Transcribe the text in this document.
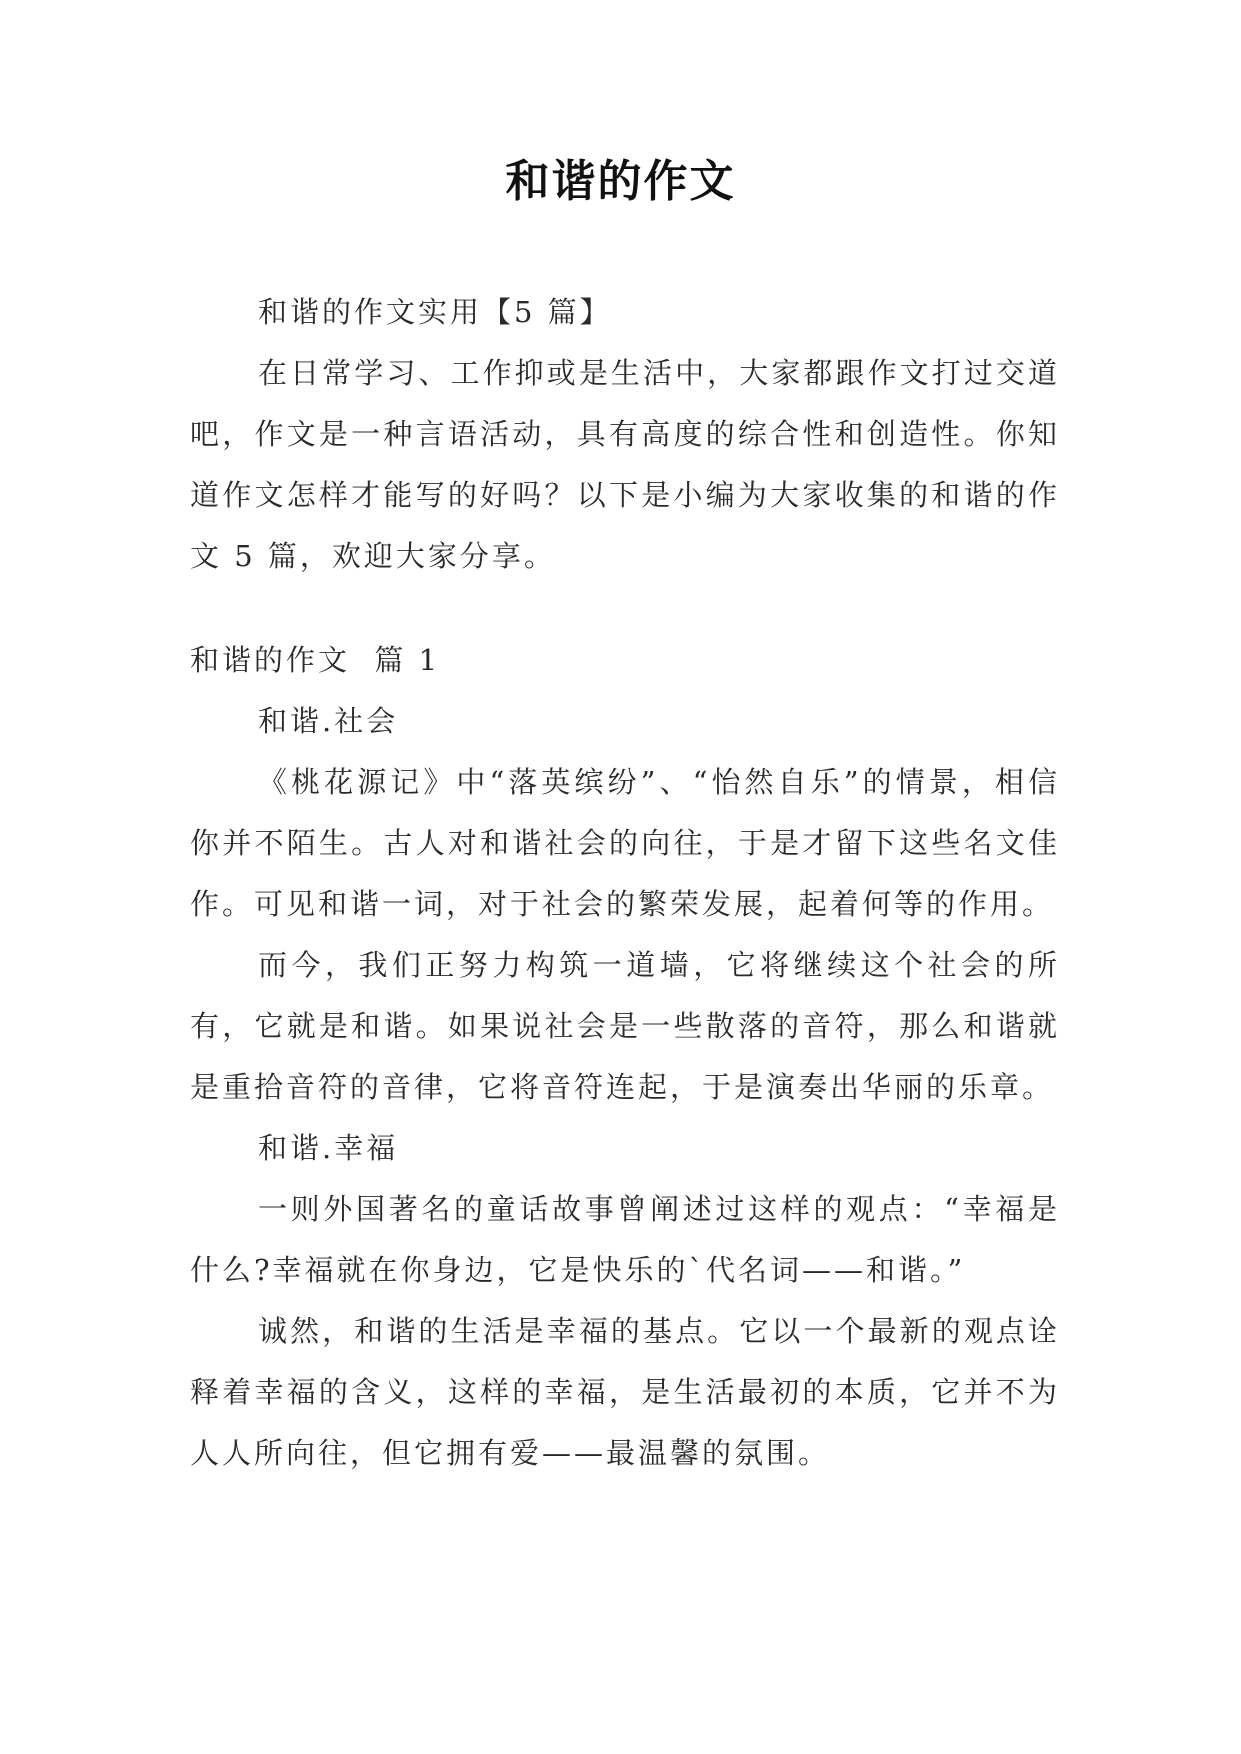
和谐的作文

和谐的作文实用【5 篇】

在日常学习、工作抑或是生活中，大家都跟作文打过交道吧，作文是一种言语活动，具有高度的综合性和创造性。你知道作文怎样才能写的好吗？以下是小编为大家收集的和谐的作文 5 篇，欢迎大家分享。

和谐的作文  篇 1

和谐.社会

《桃花源记》中“落英缤纷”、“怡然自乐”的情景，相信你并不陌生。古人对和谐社会的向往，于是才留下这些名文佳作。可见和谐一词，对于社会的繁荣发展，起着何等的作用。

而今，我们正努力构筑一道墙，它将继续这个社会的所有，它就是和谐。如果说社会是一些散落的音符，那么和谐就是重拾音符的音律，它将音符连起，于是演奏出华丽的乐章。

和谐.幸福

一则外国著名的童话故事曾阐述过这样的观点：“幸福是什么?幸福就在你身边，它是快乐的`代名词——和谐。”

诚然，和谐的生活是幸福的基点。它以一个最新的观点诠释着幸福的含义，这样的幸福，是生活最初的本质，它并不为人人所向往，但它拥有爱——最温馨的氛围。
